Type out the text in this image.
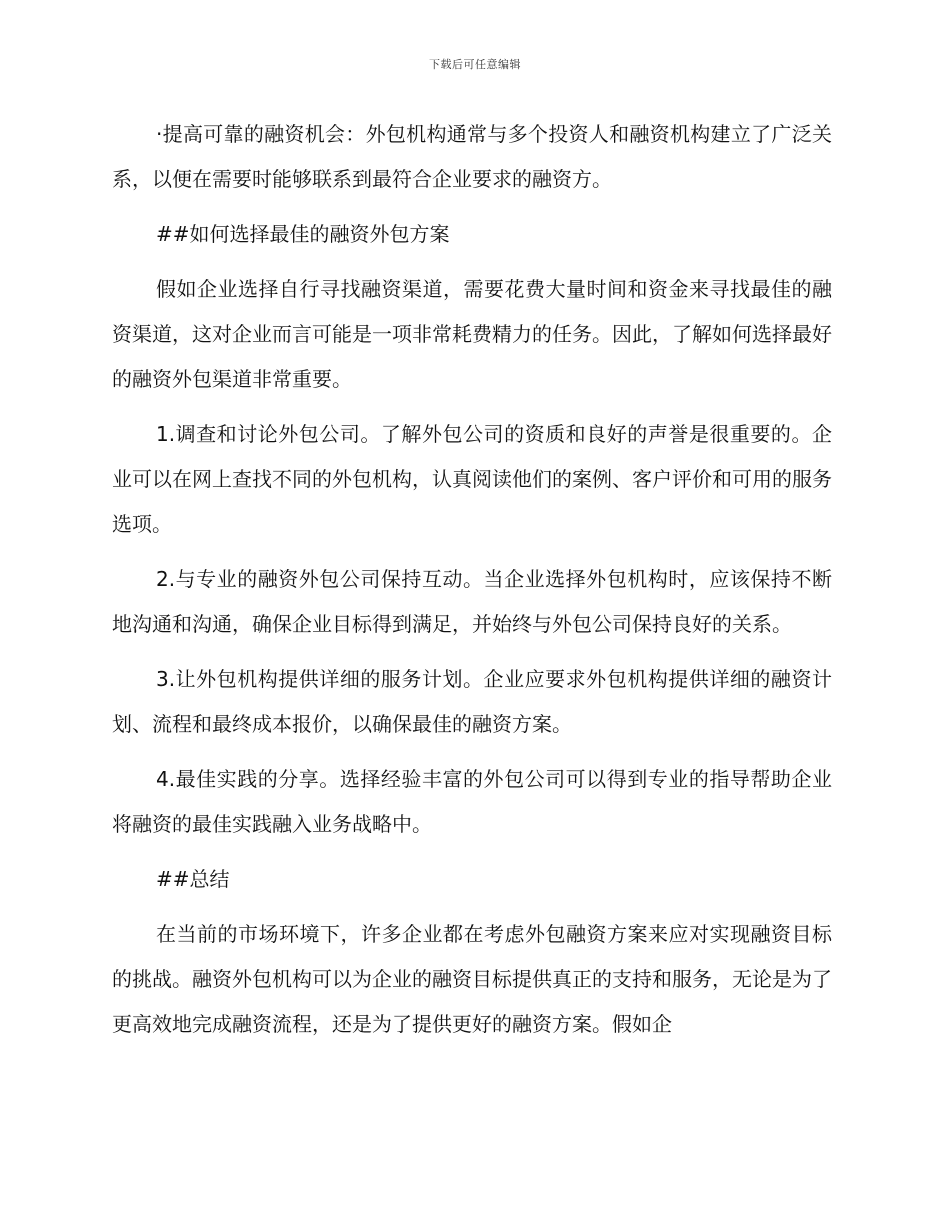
下载后可任意编辑

·提高可靠的融资机会：外包机构通常与多个投资人和融资机构建立了广泛关系，以便在需要时能够联系到最符合企业要求的融资方。

##如何选择最佳的融资外包方案

假如企业选择自行寻找融资渠道，需要花费大量时间和资金来寻找最佳的融资渠道，这对企业而言可能是一项非常耗费精力的任务。因此，了解如何选择最好的融资外包渠道非常重要。

1.调查和讨论外包公司。了解外包公司的资质和良好的声誉是很重要的。企业可以在网上查找不同的外包机构，认真阅读他们的案例、客户评价和可用的服务选项。

2.与专业的融资外包公司保持互动。当企业选择外包机构时，应该保持不断地沟通和沟通，确保企业目标得到满足，并始终与外包公司保持良好的关系。

3.让外包机构提供详细的服务计划。企业应要求外包机构提供详细的融资计划、流程和最终成本报价，以确保最佳的融资方案。

4.最佳实践的分享。选择经验丰富的外包公司可以得到专业的指导帮助企业将融资的最佳实践融入业务战略中。

##总结

在当前的市场环境下，许多企业都在考虑外包融资方案来应对实现融资目标的挑战。融资外包机构可以为企业的融资目标提供真正的支持和服务，无论是为了更高效地完成融资流程，还是为了提供更好的融资方案。假如企
